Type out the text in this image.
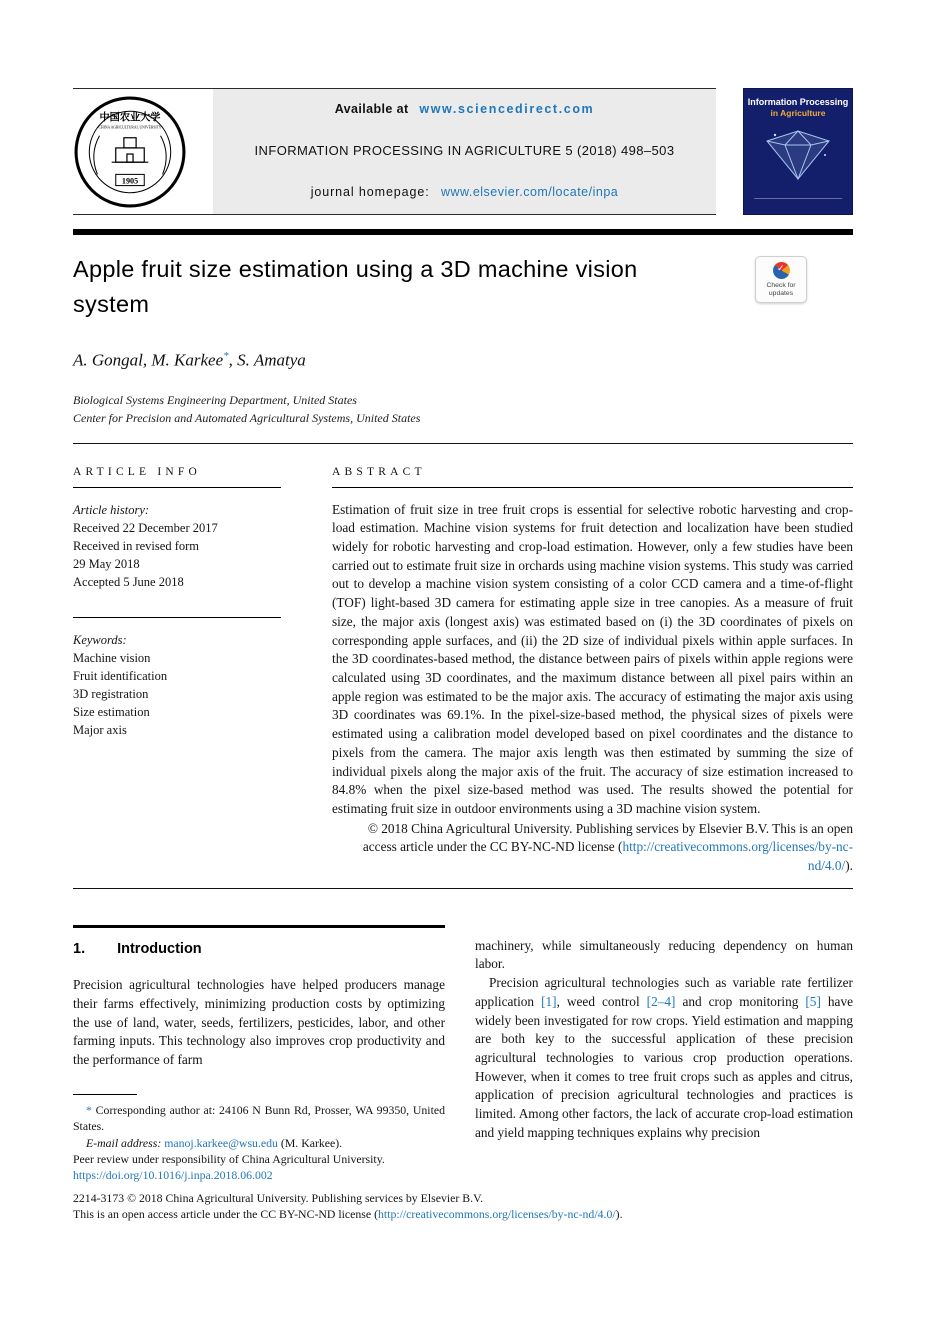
中国农业大学
CHINA AGRICULTURAL UNIVERSITY
1905
Available at www.sciencedirect.com
INFORMATION PROCESSING IN AGRICULTURE 5 (2018) 498–503
journal homepage: www.elsevier.com/locate/inpa
Information Processing
in Agriculture
Apple fruit size estimation using a 3D machine vision system
✓
Check for updates

A. Gongal, M. Karkee*, S. Amatya

Biological Systems Engineering Department, United States
Center for Precision and Automated Agricultural Systems, United States
ARTICLE INFO

Article history:

Received 22 December 2017

Received in revised form

29 May 2018

Accepted 5 June 2018

Keywords:

Machine vision

Fruit identification

3D registration

Size estimation

Major axis

ABSTRACT

Estimation of fruit size in tree fruit crops is essential for selective robotic harvesting and crop-load estimation. Machine vision systems for fruit detection and localization have been studied widely for robotic harvesting and crop-load estimation. However, only a few studies have been carried out to estimate fruit size in orchards using machine vision systems. This study was carried out to develop a machine vision system consisting of a color CCD camera and a time-of-flight (TOF) light-based 3D camera for estimating apple size in tree canopies. As a measure of fruit size, the major axis (longest axis) was estimated based on (i) the 3D coordinates of pixels on corresponding apple surfaces, and (ii) the 2D size of individual pixels within apple surfaces. In the 3D coordinates-based method, the distance between pairs of pixels within apple regions were calculated using 3D coordinates, and the maximum distance between all pixel pairs within an apple region was estimated to be the major axis. The accuracy of estimating the major axis using 3D coordinates was 69.1%. In the pixel-size-based method, the physical sizes of pixels were estimated using a calibration model developed based on pixel coordinates and the distance to pixels from the camera. The major axis length was then estimated by summing the size of individual pixels along the major axis of the fruit. The accuracy of size estimation increased to 84.8% when the pixel size-based method was used. The results showed the potential for estimating fruit size in outdoor environments using a 3D machine vision system.

© 2018 China Agricultural University. Publishing services by Elsevier B.V. This is an open access article under the CC BY-NC-ND license (http://creativecommons.org/licenses/by-nc-nd/4.0/).

1. Introduction

Precision agricultural technologies have helped producers manage their farms effectively, minimizing production costs by optimizing the use of land, water, seeds, fertilizers, pesticides, labor, and other farming inputs. This technology also improves crop productivity and the performance of farm

* Corresponding author at: 24106 N Bunn Rd, Prosser, WA 99350, United States.

E-mail address: manoj.karkee@wsu.edu (M. Karkee).

Peer review under responsibility of China Agricultural University.

https://doi.org/10.1016/j.inpa.2018.06.002

machinery, while simultaneously reducing dependency on human labor.

Precision agricultural technologies such as variable rate fertilizer application [1], weed control [2–4] and crop monitoring [5] have widely been investigated for row crops. Yield estimation and mapping are both key to the successful application of these precision agricultural technologies to various crop production operations. However, when it comes to tree fruit crops such as apples and citrus, application of precision agricultural technologies and practices is limited. Among other factors, the lack of accurate crop-load estimation and yield mapping techniques explains why precision

2214-3173 © 2018 China Agricultural University. Publishing services by Elsevier B.V.

This is an open access article under the CC BY-NC-ND license (http://creativecommons.org/licenses/by-nc-nd/4.0/).
